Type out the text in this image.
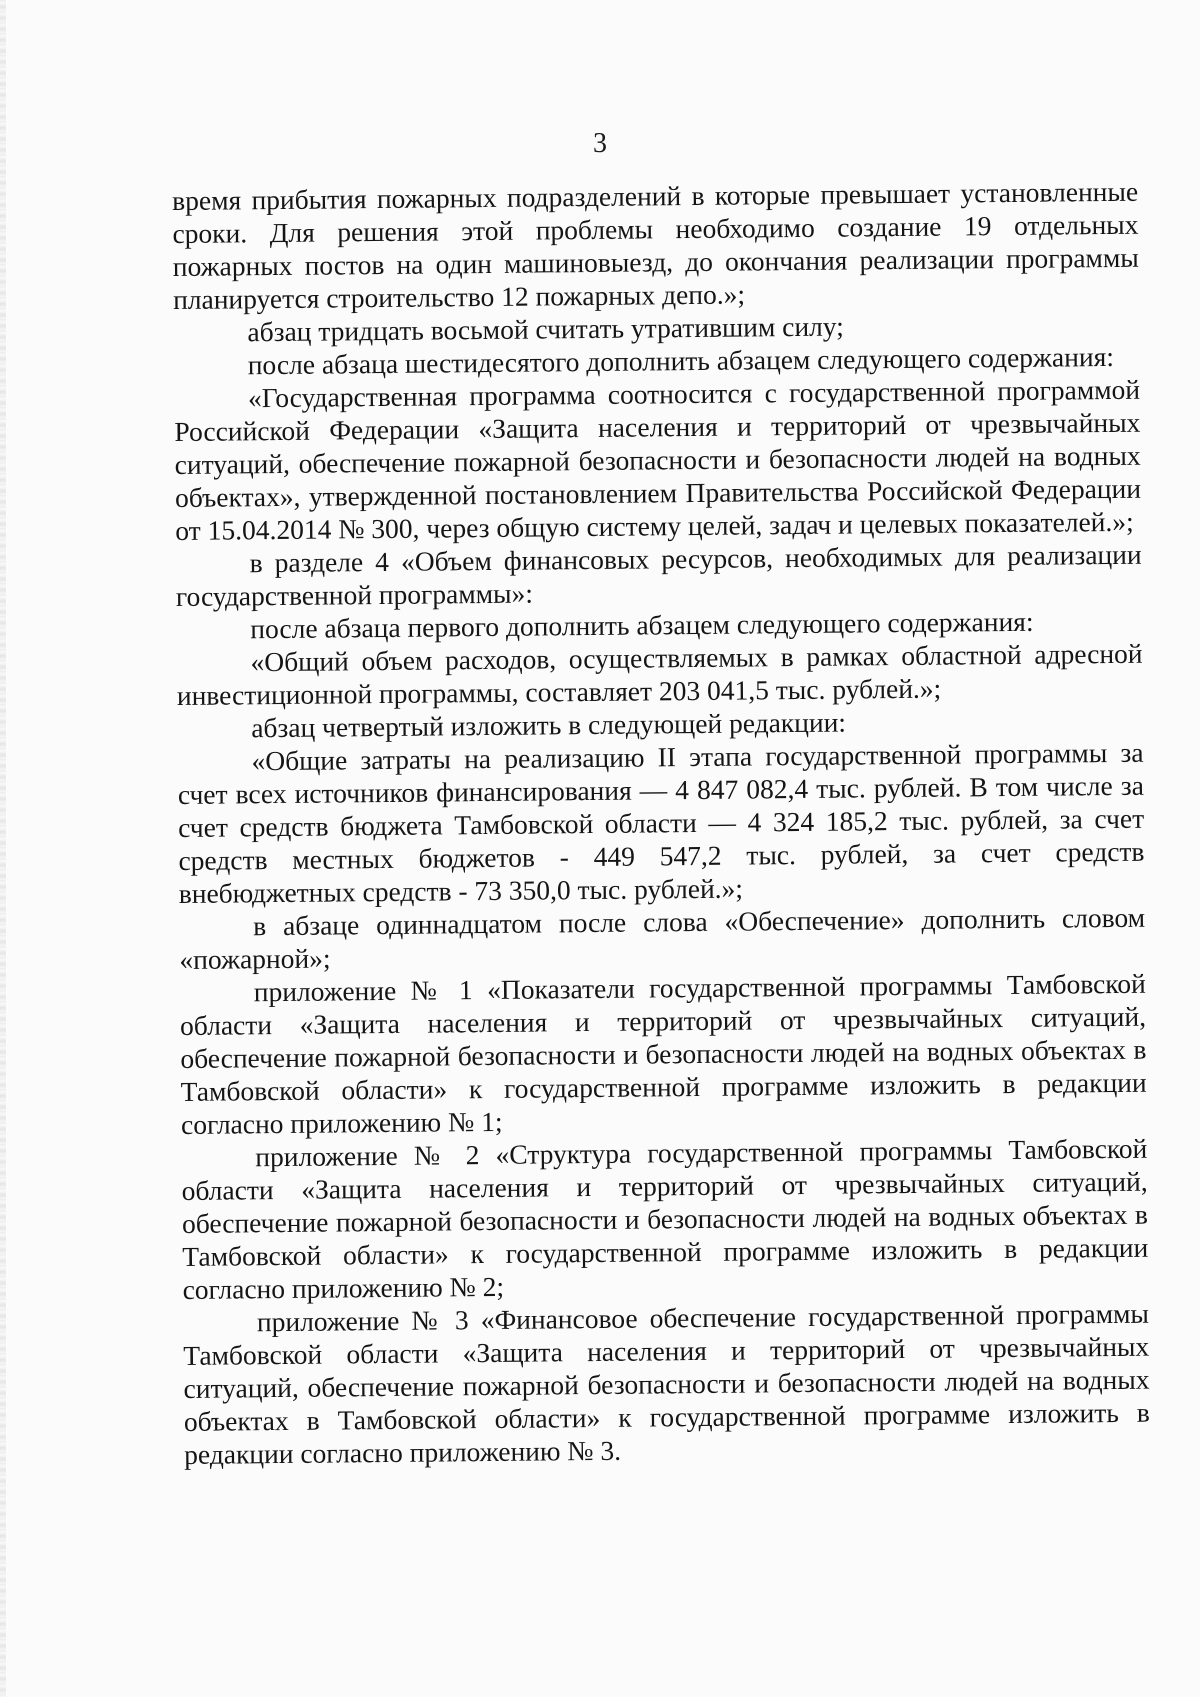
3

время прибытия пожарных подразделений в которые превышает установленные сроки. Для решения этой проблемы необходимо создание 19 отдельных пожарных постов на один машиновыезд, до окончания реализации программы планируется строительство 12 пожарных депо.»;

абзац тридцать восьмой считать утратившим силу;

после абзаца шестидесятого дополнить абзацем следующего содержания:

«Государственная программа соотносится с государственной программой Российской Федерации «Защита населения и территорий от чрезвычайных ситуаций, обеспечение пожарной безопасности и безопасности людей на водных объектах», утвержденной постановлением Правительства Российской Федерации от 15.04.2014 № 300, через общую систему целей, задач и целевых показателей.»;

в разделе 4 «Объем финансовых ресурсов, необходимых для реализации государственной программы»:

после абзаца первого дополнить абзацем следующего содержания:

«Общий объем расходов, осуществляемых в рамках областной адресной инвестиционной программы, составляет 203 041,5 тыс. рублей.»;

абзац четвертый изложить в следующей редакции:

«Общие затраты на реализацию II этапа государственной программы за счет всех источников финансирования — 4 847 082,4 тыс. рублей. В том числе за счет средств бюджета Тамбовской области — 4 324 185,2 тыс. рублей, за счет средств местных бюджетов - 449 547,2 тыс. рублей, за счет средств внебюджетных средств - 73 350,0 тыс. рублей.»;

в абзаце одиннадцатом после слова «Обеспечение» дополнить словом «пожарной»;

приложение № 1 «Показатели государственной программы Тамбовской области «Защита населения и территорий от чрезвычайных ситуаций, обеспечение пожарной безопасности и безопасности людей на водных объектах в Тамбовской области» к государственной программе изложить в редакции согласно приложению № 1;

приложение № 2 «Структура государственной программы Тамбовской области «Защита населения и территорий от чрезвычайных ситуаций, обеспечение пожарной безопасности и безопасности людей на водных объектах в Тамбовской области» к государственной программе изложить в редакции согласно приложению № 2;

приложение № 3 «Финансовое обеспечение государственной программы Тамбовской области «Защита населения и территорий от чрезвычайных ситуаций, обеспечение пожарной безопасности и безопасности людей на водных объектах в Тамбовской области» к государственной программе изложить в редакции согласно приложению № 3.
